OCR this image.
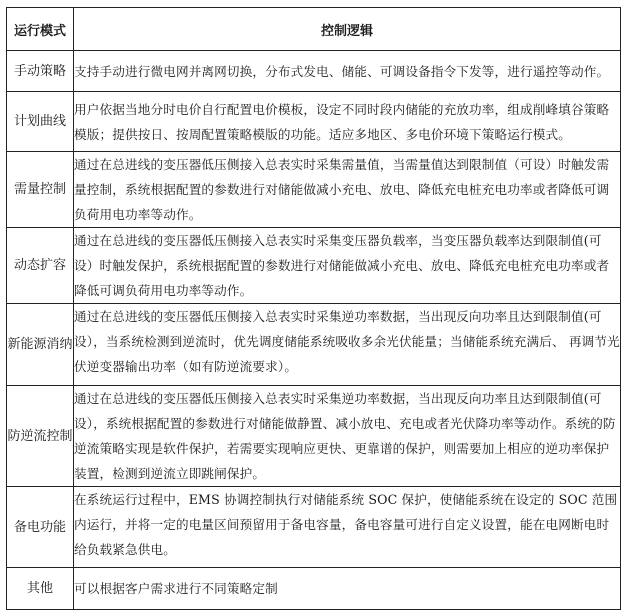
运行模式	控制逻辑
手动策略	支持手动进行微电网并离网切换，分布式发电、储能、可调设备指令下发等，进行遥控等动作。
计划曲线	用户依据当地分时电价自行配置电价模板，设定不同时段内储能的充放功率，组成削峰填谷策略模版；提供按日、按周配置策略模版的功能。适应多地区、多电价环境下策略运行模式。
需量控制	通过在总进线的变压器低压侧接入总表实时采集需量值，当需量值达到限制值（可设）时触发需量控制，系统根据配置的参数进行对储能做减小充电、放电、降低充电桩充电功率或者降低可调负荷用电功率等动作。
动态扩容	通过在总进线的变压器低压侧接入总表实时采集变压器负载率，当变压器负载率达到限制值(可设）时触发保护，系统根据配置的参数进行对储能做减小充电、放电、降低充电桩充电功率或者降低可调负荷用电功率等动作。
新能源消纳	通过在总进线的变压器低压侧接入总表实时采集逆功率数据，当出现反向功率且达到限制值(可设），当系统检测到逆流时，优先调度储能系统吸收多余光伏能量；当储能系统充满后、 再调节光伏逆变器输出功率（如有防逆流要求）。
防逆流控制	通过在总进线的变压器低压侧接入总表实时采集逆功率数据，当出现反向功率且达到限制值(可设），系统根据配置的参数进行对储能做静置、减小放电、充电或者光伏降功率等动作。系统的防逆流策略实现是软件保护，若需要实现响应更快、更靠谱的保护，则需要加上相应的逆功率保护装置，检测到逆流立即跳闸保护。
备电功能	在系统运行过程中，EMS 协调控制执行对储能系统 SOC 保护，使储能系统在设定的 SOC 范围内运行，并将一定的电量区间预留用于备电容量，备电容量可进行自定义设置，能在电网断电时给负载紧急供电。
其他	可以根据客户需求进行不同策略定制
